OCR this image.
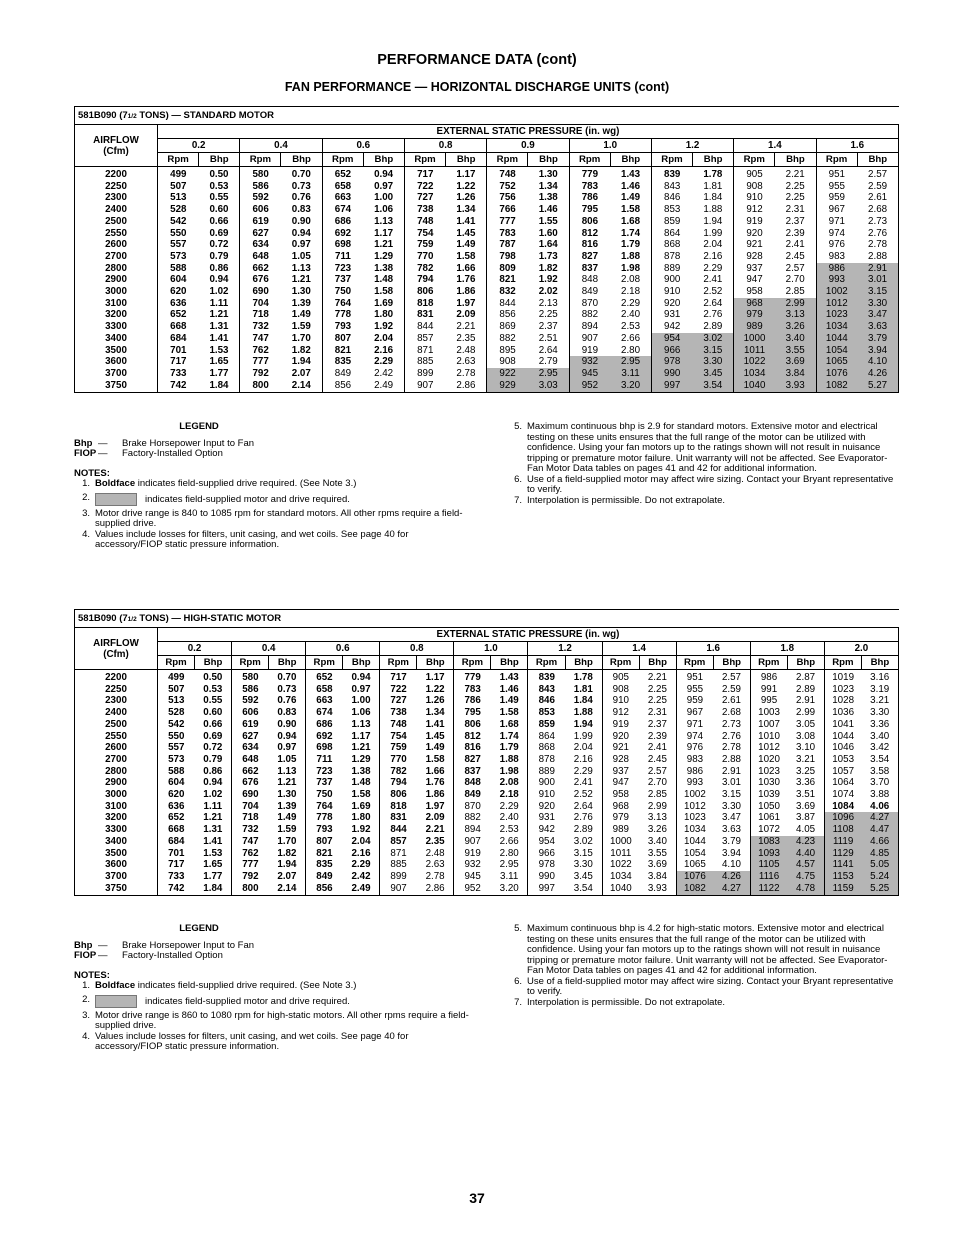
PERFORMANCE DATA (cont)
FAN PERFORMANCE — HORIZONTAL DISCHARGE UNITS (cont)
581B090 (71/2 TONS) — STANDARD MOTOR
AIRFLOW
(Cfm)	EXTERNAL STATIC PRESSURE (in. wg)																	
	0.2		0.4		0.6		0.8		0.9		1.0		1.2		1.4		1.6	
	Rpm	Bhp	Rpm	Bhp	Rpm	Bhp	Rpm	Bhp	Rpm	Bhp	Rpm	Bhp	Rpm	Bhp	Rpm	Bhp	Rpm	Bhp
2200	499	0.50	580	0.70	652	0.94	717	1.17	748	1.30	779	1.43	839	1.78	905	2.21	951	2.57
2250	507	0.53	586	0.73	658	0.97	722	1.22	752	1.34	783	1.46	843	1.81	908	2.25	955	2.59
2300	513	0.55	592	0.76	663	1.00	727	1.26	756	1.38	786	1.49	846	1.84	910	2.25	959	2.61
2400	528	0.60	606	0.83	674	1.06	738	1.34	766	1.46	795	1.58	853	1.88	912	2.31	967	2.68
2500	542	0.66	619	0.90	686	1.13	748	1.41	777	1.55	806	1.68	859	1.94	919	2.37	971	2.73
2550	550	0.69	627	0.94	692	1.17	754	1.45	783	1.60	812	1.74	864	1.99	920	2.39	974	2.76
2600	557	0.72	634	0.97	698	1.21	759	1.49	787	1.64	816	1.79	868	2.04	921	2.41	976	2.78
2700	573	0.79	648	1.05	711	1.29	770	1.58	798	1.73	827	1.88	878	2.16	928	2.45	983	2.88
2800	588	0.86	662	1.13	723	1.38	782	1.66	809	1.82	837	1.98	889	2.29	937	2.57	986	2.91
2900	604	0.94	676	1.21	737	1.48	794	1.76	821	1.92	848	2.08	900	2.41	947	2.70	993	3.01
3000	620	1.02	690	1.30	750	1.58	806	1.86	832	2.02	849	2.18	910	2.52	958	2.85	1002	3.15
3100	636	1.11	704	1.39	764	1.69	818	1.97	844	2.13	870	2.29	920	2.64	968	2.99	1012	3.30
3200	652	1.21	718	1.49	778	1.80	831	2.09	856	2.25	882	2.40	931	2.76	979	3.13	1023	3.47
3300	668	1.31	732	1.59	793	1.92	844	2.21	869	2.37	894	2.53	942	2.89	989	3.26	1034	3.63
3400	684	1.41	747	1.70	807	2.04	857	2.35	882	2.51	907	2.66	954	3.02	1000	3.40	1044	3.79
3500	701	1.53	762	1.82	821	2.16	871	2.48	895	2.64	919	2.80	966	3.15	1011	3.55	1054	3.94
3600	717	1.65	777	1.94	835	2.29	885	2.63	908	2.79	932	2.95	978	3.30	1022	3.69	1065	4.10
3700	733	1.77	792	2.07	849	2.42	899	2.78	922	2.95	945	3.11	990	3.45	1034	3.84	1076	4.26
3750	742	1.84	800	2.14	856	2.49	907	2.86	929	3.03	952	3.20	997	3.54	1040	3.93	1082	5.27
LEGEND
Bhp —	Brake Horsepower Input to Fan
FIOP —	Factory-Installed Option
NOTES:
1. Boldface indicates field-supplied drive required. (See Note 3.)
2.	indicates field-supplied motor and drive required.
3. Motor drive range is 840 to 1085 rpm for standard motors. All other rpms require a field-supplied drive.
4. Values include losses for filters, unit casing, and wet coils. See page 40 for accessory/FIOP static pressure information.
5. Maximum continuous bhp is 2.9 for standard motors. Extensive motor and electrical testing on these units ensures that the full range of the motor can be utilized with confidence. Using your fan motors up to the ratings shown will not result in nuisance tripping or premature motor failure. Unit warranty will not be affected. See Evaporator-Fan Motor Data tables on pages 41 and 42 for additional information.
6. Use of a field-supplied motor may affect wire sizing. Contact your Bryant representative to verify.
7. Interpolation is permissible. Do not extrapolate.
581B090 (71/2 TONS) — HIGH-STATIC MOTOR
AIRFLOW
(Cfm)	EXTERNAL STATIC PRESSURE (in. wg)																			
	0.2		0.4		0.6		0.8		1.0		1.2		1.4		1.6		1.8		2.0	
	Rpm	Bhp	Rpm	Bhp	Rpm	Bhp	Rpm	Bhp	Rpm	Bhp	Rpm	Bhp	Rpm	Bhp	Rpm	Bhp	Rpm	Bhp	Rpm	Bhp
2200	499	0.50	580	0.70	652	0.94	717	1.17	779	1.43	839	1.78	905	2.21	951	2.57	986	2.87	1019	3.16
2250	507	0.53	586	0.73	658	0.97	722	1.22	783	1.46	843	1.81	908	2.25	955	2.59	991	2.89	1023	3.19
2300	513	0.55	592	0.76	663	1.00	727	1.26	786	1.49	846	1.84	910	2.25	959	2.61	995	2.91	1028	3.21
2400	528	0.60	606	0.83	674	1.06	738	1.34	795	1.58	853	1.88	912	2.31	967	2.68	1003	2.99	1036	3.30
2500	542	0.66	619	0.90	686	1.13	748	1.41	806	1.68	859	1.94	919	2.37	971	2.73	1007	3.05	1041	3.36
2550	550	0.69	627	0.94	692	1.17	754	1.45	812	1.74	864	1.99	920	2.39	974	2.76	1010	3.08	1044	3.40
2600	557	0.72	634	0.97	698	1.21	759	1.49	816	1.79	868	2.04	921	2.41	976	2.78	1012	3.10	1046	3.42
2700	573	0.79	648	1.05	711	1.29	770	1.58	827	1.88	878	2.16	928	2.45	983	2.88	1020	3.21	1053	3.54
2800	588	0.86	662	1.13	723	1.38	782	1.66	837	1.98	889	2.29	937	2.57	986	2.91	1023	3.25	1057	3.58
2900	604	0.94	676	1.21	737	1.48	794	1.76	848	2.08	900	2.41	947	2.70	993	3.01	1030	3.36	1064	3.70
3000	620	1.02	690	1.30	750	1.58	806	1.86	849	2.18	910	2.52	958	2.85	1002	3.15	1039	3.51	1074	3.88
3100	636	1.11	704	1.39	764	1.69	818	1.97	870	2.29	920	2.64	968	2.99	1012	3.30	1050	3.69	1084	4.06
3200	652	1.21	718	1.49	778	1.80	831	2.09	882	2.40	931	2.76	979	3.13	1023	3.47	1061	3.87	1096	4.27
3300	668	1.31	732	1.59	793	1.92	844	2.21	894	2.53	942	2.89	989	3.26	1034	3.63	1072	4.05	1108	4.47
3400	684	1.41	747	1.70	807	2.04	857	2.35	907	2.66	954	3.02	1000	3.40	1044	3.79	1083	4.23	1119	4.66
3500	701	1.53	762	1.82	821	2.16	871	2.48	919	2.80	966	3.15	1011	3.55	1054	3.94	1093	4.40	1129	4.85
3600	717	1.65	777	1.94	835	2.29	885	2.63	932	2.95	978	3.30	1022	3.69	1065	4.10	1105	4.57	1141	5.05
3700	733	1.77	792	2.07	849	2.42	899	2.78	945	3.11	990	3.45	1034	3.84	1076	4.26	1116	4.75	1153	5.24
3750	742	1.84	800	2.14	856	2.49	907	2.86	952	3.20	997	3.54	1040	3.93	1082	4.27	1122	4.78	1159	5.25
LEGEND
Bhp —	Brake Horsepower Input to Fan
FIOP —	Factory-Installed Option
NOTES:
1. Boldface indicates field-supplied drive required. (See Note 3.)
2.	indicates field-supplied motor and drive required.
3. Motor drive range is 860 to 1080 rpm for high-static motors. All other rpms require a field-supplied drive.
4. Values include losses for filters, unit casing, and wet coils. See page 40 for accessory/FIOP static pressure information.
5. Maximum continuous bhp is 4.2 for high-static motors. Extensive motor and electrical testing on these units ensures that the full range of the motor can be utilized with confidence. Using your fan motors up to the ratings shown will not result in nuisance tripping or premature motor failure. Unit warranty will not be affected. See Evaporator-Fan Motor Data tables on pages 41 and 42 for additional information.
6. Use of a field-supplied motor may affect wire sizing. Contact your Bryant representative to verify.
7. Interpolation is permissible. Do not extrapolate.
37
